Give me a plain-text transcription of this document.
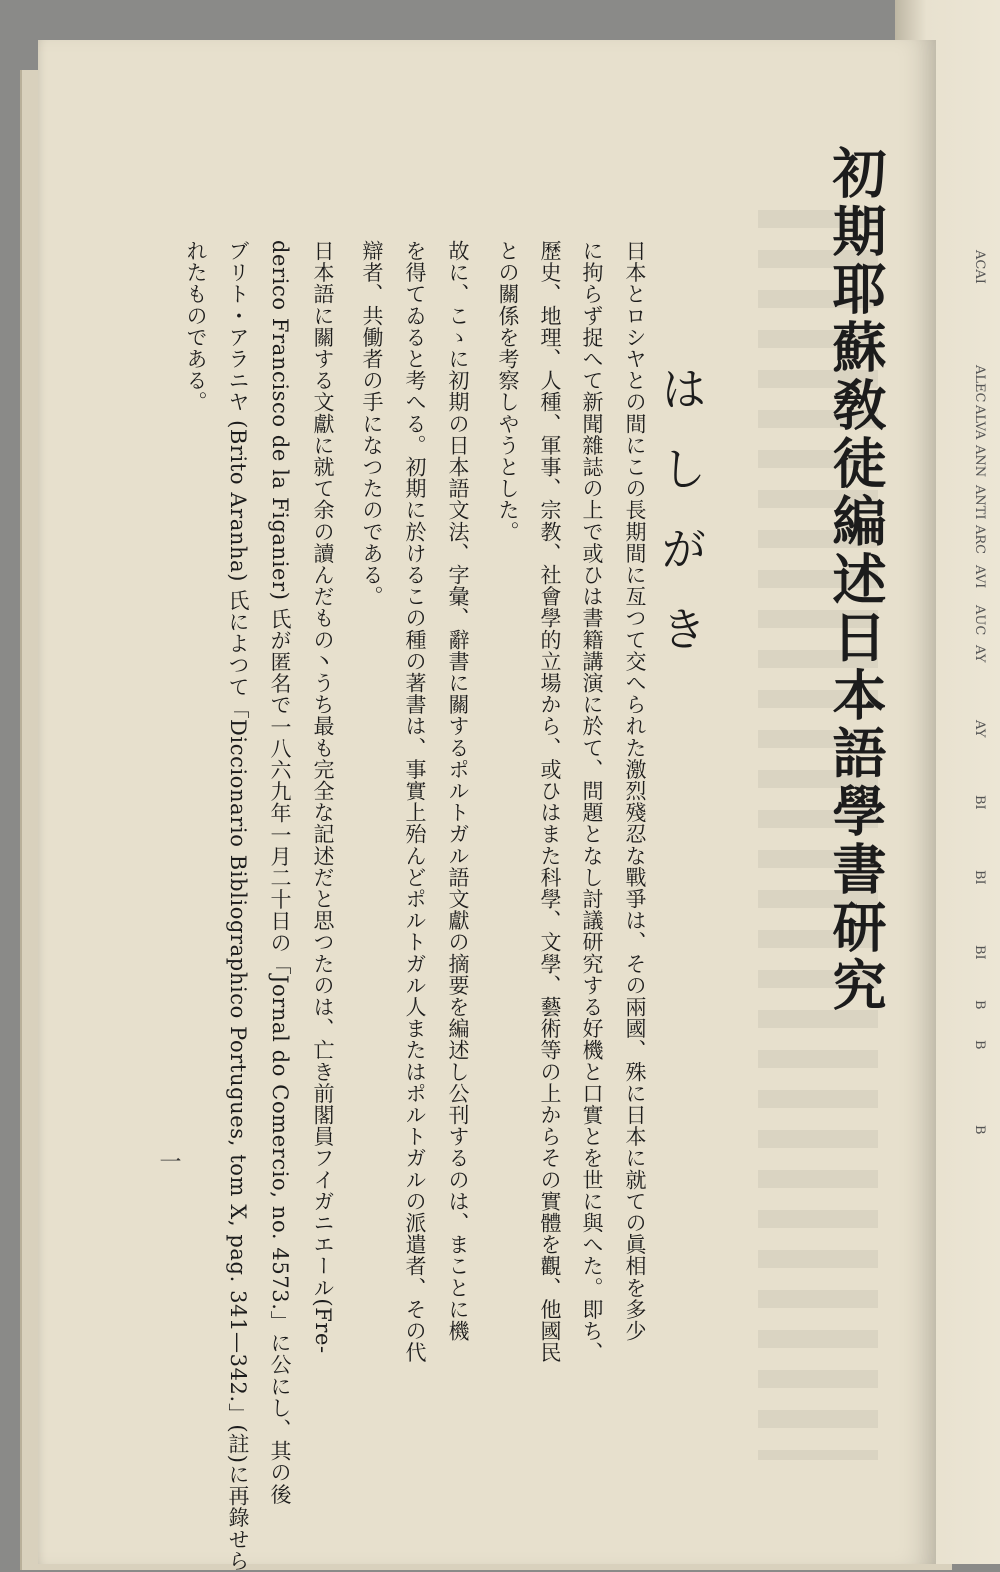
ACAI
ALEC
ALVA
ANN
ANTI
ARC
AVI
AUC
AY
AY
BI
BI
BI
B
B
B
初期耶蘇敎徒編述日本語學書研究
はしがき
日本とロシヤとの間にこの長期間に亙つて交へられた激烈殘忍な戰爭は、その兩國、殊に日本に就ての眞相を多少
に拘らず捉へて新聞雜誌の上で或ひは書籍講演に於て、問題となし討議研究する好機と口實とを世に與へた。即ち、
歷史、地理、人種、軍事、宗教、社會學的立場から、或ひはまた科學、文學、藝術等の上からその實體を觀、他國民
との關係を考察しやうとした。
故に、こゝに初期の日本語文法、字彙、辭書に關するポルトガル語文獻の摘要を編述し公刊するのは、まことに機
を得てゐると考へる。初期に於けるこの種の著書は、事實上殆んどポルトガル人またはポルトガルの派遣者、その代
辯者、共働者の手になつたのである。
日本語に關する文獻に就て余の讀んだもの丶うち最も完全な記述だと思つたのは、亡き前閣員フイガニエール(Fre-
derico Francisco de la Figanier) 氏が匿名で一八六九年一月二十日の「Jornal do Comercio, no. 4573.」に公にし、其の後
ブリト・アラニヤ (Brito Aranha) 氏によつて「Diccionario Bibliographico Portugues, tom X, pag. 341—342.」(註)に再錄せら
れたものである。
一
